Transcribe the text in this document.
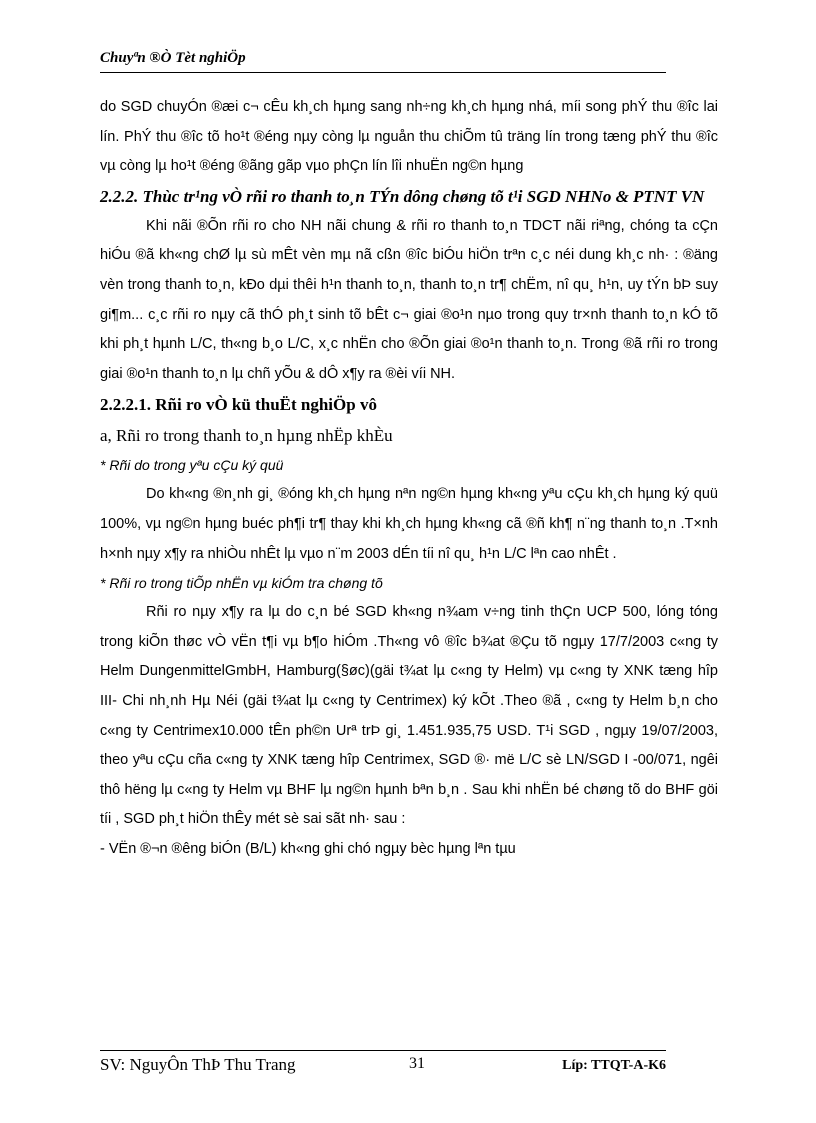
Chuyªn ®Ò Tèt nghiÖp

do SGD chuyÓn ®æi c¬ cÊu kh¸ch hµng sang nh÷ng kh¸ch hµng nhá, míi song phÝ thu ®îc lai lín. PhÝ thu ®îc tõ ho¹t ®éng nµy còng lµ nguån thu chiÕm tû träng lín trong tæng phÝ thu ®îc vµ còng lµ ho¹t ®éng ®ãng gãp vµo phÇn lín lîi nhuËn ng©n hµng

2.2.2. Thùc tr¹ng vÒ rñi ro thanh to¸n TÝn dông chøng tõ t¹i SGD NHNo & PTNT VN

Khi nãi ®Õn rñi ro cho NH nãi chung & rñi ro thanh to¸n TDCT nãi riªng, chóng ta cÇn hiÓu ®ã kh«ng chØ lµ sù mÊt vèn mµ nã cßn ®îc biÓu hiÖn trªn c¸c néi dung kh¸c nh· : ®äng vèn trong thanh to¸n, kÐo dµi thêi h¹n thanh to¸n, thanh to¸n tr¶ chËm, nî qu¸ h¹n, uy tÝn bÞ suy gi¶m... c¸c rñi ro nµy cã thÓ ph¸t sinh tõ bÊt c¬ giai ®o¹n nµo trong quy tr×nh thanh to¸n kÓ tõ khi ph¸t hµnh L/C, th«ng b¸o L/C, x¸c nhËn cho ®Õn giai ®o¹n thanh to¸n. Trong ®ã rñi ro trong giai ®o¹n thanh to¸n lµ chñ yÕu & dÔ x¶y ra ®èi víi NH.

2.2.2.1. Rñi ro vÒ kü thuËt nghiÖp vô

a, Rñi ro trong thanh to¸n hµng nhËp khÈu

* Rñi do trong yªu cÇu ký quü

Do kh«ng ®n¸nh gi¸ ®óng kh¸ch hµng nªn ng©n hµng kh«ng yªu cÇu kh¸ch hµng ký quü 100%, vµ ng©n hµng buéc ph¶i tr¶ thay khi kh¸ch hµng kh«ng cã ®ñ kh¶ n¨ng thanh to¸n .T×nh h×nh nµy x¶y ra nhiÒu nhÊt lµ vµo n¨m 2003 dÉn tíi nî qu¸ h¹n L/C lªn cao nhÊt .

* Rñi ro trong tiÕp nhËn vµ kiÓm tra chøng tõ

Rñi ro nµy x¶y ra lµ do c¸n bé SGD kh«ng n¾am v÷ng tinh thÇn UCP 500, lóng tóng trong kiÕn thøc vÒ vËn t¶i vµ b¶o hiÓm .Th«ng vô ®îc b¾at ®Çu tõ ngµy 17/7/2003 c«ng ty Helm DungenmittelGmbH, Hamburg(§øc)(gäi t¾at lµ c«ng ty Helm) vµ c«ng ty XNK tæng hîp III- Chi nh¸nh Hµ Néi (gäi t¾at lµ c«ng ty Centrimex) ký kÕt .Theo ®ã , c«ng ty Helm b¸n cho c«ng ty Centrimex10.000 tÊn ph©n Urª trÞ gi¸ 1.451.935,75 USD. T¹i SGD , ngµy 19/07/2003, theo yªu cÇu cña c«ng ty XNK tæng hîp Centrimex, SGD ®· më L/C sè LN/SGD I -00/071, ngêi thô hëng lµ c«ng ty Helm vµ BHF lµ ng©n hµnh bªn b¸n . Sau khi nhËn bé chøng tõ do BHF göi tíi , SGD ph¸t hiÖn thÊy mét sè sai sãt nh· sau :

- VËn ®¬n ®êng biÓn (B/L) kh«ng ghi chó ngµy bèc hµng lªn tµu

SV: NguyÔn ThÞ Thu Trang	31	Líp: TTQT-A-K6
